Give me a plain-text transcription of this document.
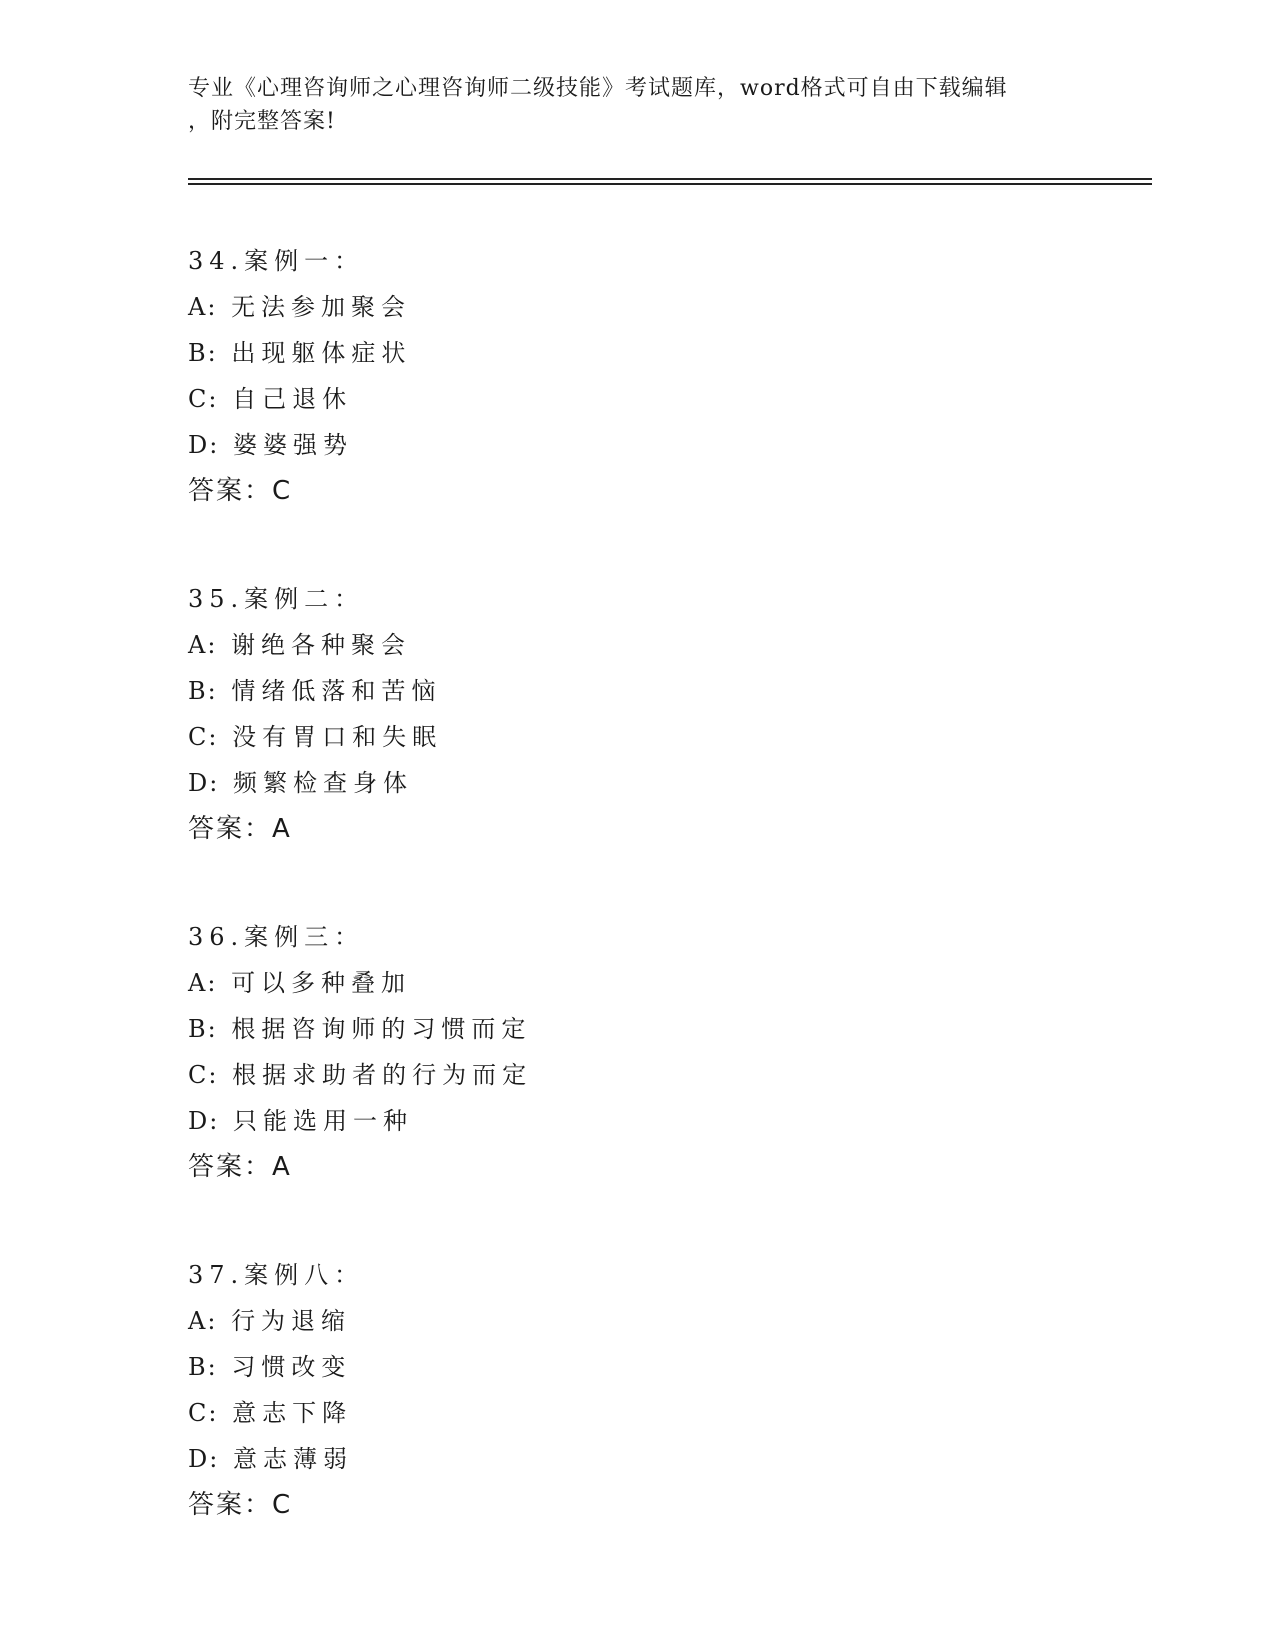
专业《心理咨询师之心理咨询师二级技能》考试题库，word格式可自由下载编辑
，附完整答案!
34.案例一：
A: 无法参加聚会
B: 出现躯体症状
C: 自己退休
D: 婆婆强势
答案：C
35.案例二：
A: 谢绝各种聚会
B: 情绪低落和苦恼
C: 没有胃口和失眠
D: 频繁检查身体
答案：A
36.案例三：
A: 可以多种叠加
B: 根据咨询师的习惯而定
C: 根据求助者的行为而定
D: 只能选用一种
答案：A
37.案例八：
A: 行为退缩
B: 习惯改变
C: 意志下降
D: 意志薄弱
答案：C
